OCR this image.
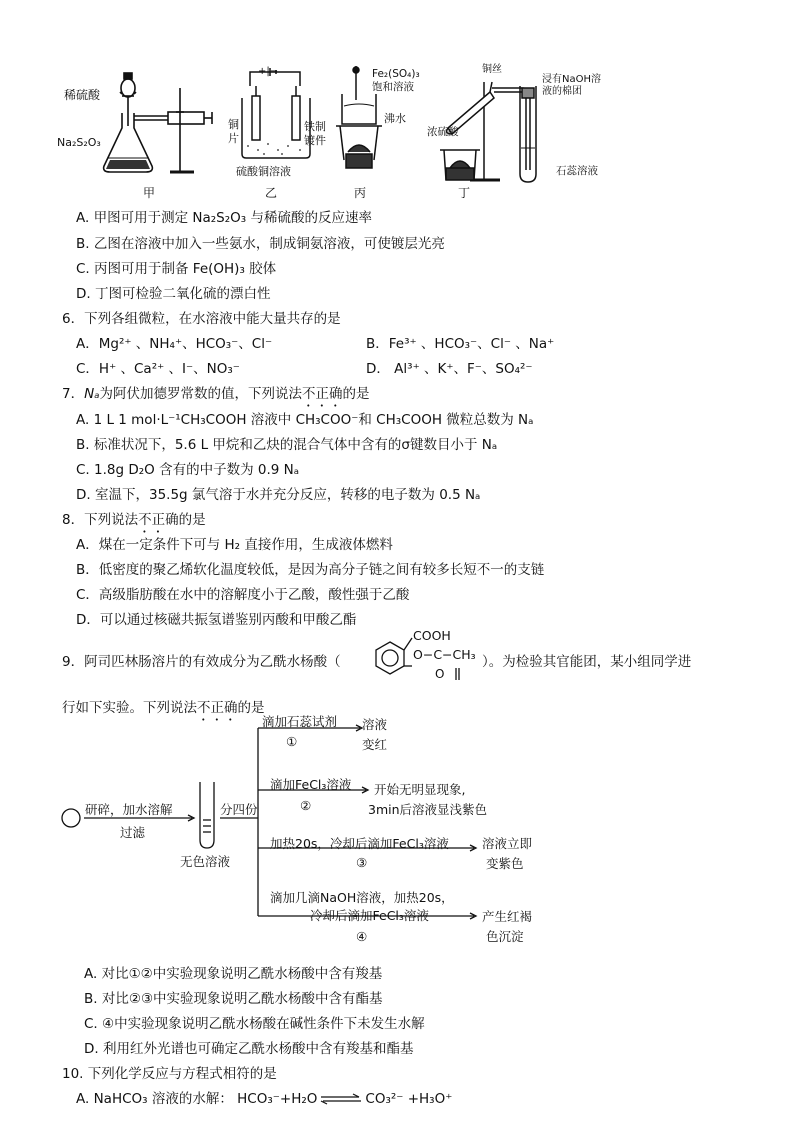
稀硫酸
Na₂S₂O₃
甲
+|−
铜片
铁制镀件
硫酸铜溶液
乙
Fe₂(SO₄)₃饱和溶液
沸水
丙
铜丝
浸有NaOH溶液的棉团
浓硫酸
石蕊溶液
丁
A. 甲图可用于测定 Na₂S₂O₃ 与稀硫酸的反应速率
B. 乙图在溶液中加入一些氨水，制成铜氨溶液，可使镀层光亮
C. 丙图可用于制备 Fe(OH)₃ 胶体
D. 丁图可检验二氧化硫的漂白性
6．下列各组微粒，在水溶液中能大量共存的是
A．Mg²⁺ 、NH₄⁺、HCO₃⁻、Cl⁻	B．Fe³⁺ 、HCO₃⁻、Cl⁻ 、Na⁺
C．H⁺ 、Ca²⁺ 、I⁻、NO₃⁻	D． Al³⁺ 、K⁺、F⁻、SO₄²⁻
7．Nₐ为阿伏加德罗常数的值，下列说法不正确的是
A. 1 L 1 mol·L⁻¹CH₃COOH 溶液中 CH₃COO⁻和 CH₃COOH 微粒总数为 Nₐ
B. 标准状况下，5.6 L 甲烷和乙炔的混合气体中含有的σ键数目小于 Nₐ
C. 1.8g D₂O 含有的中子数为 0.9 Nₐ
D. 室温下，35.5g 氯气溶于水并充分反应，转移的电子数为 0.5 Nₐ
8．下列说法不正确的是
A．煤在一定条件下可与 H₂ 直接作用，生成液体燃料
B．低密度的聚乙烯软化温度较低，是因为高分子链之间有较多长短不一的支链
C．高级脂肪酸在水中的溶解度小于乙酸，酸性强于乙酸
D．可以通过核磁共振氢谱鉴别丙酸和甲酸乙酯
9．阿司匹林肠溶片的有效成分为乙酰水杨酸（
COOH
O−C−CH₃
O
）。为检验其官能团，某小组同学进
行如下实验。下列说法不正确的是
研碎，加水溶解
过滤
无色溶液
分四份
滴加石蕊试剂
①
溶液
变红
滴加FeCl₃溶液
②
开始无明显现象,
3min后溶液显浅紫色
加热20s，冷却后滴加FeCl₃溶液
③
溶液立即
变紫色
滴加几滴NaOH溶液，加热20s，
冷却后滴加FeCl₃溶液
④
产生红褐
色沉淀
A. 对比①②中实验现象说明乙酰水杨酸中含有羧基
B. 对比②③中实验现象说明乙酰水杨酸中含有酯基
C. ④中实验现象说明乙酰水杨酸在碱性条件下未发生水解
D. 利用红外光谱也可确定乙酰水杨酸中含有羧基和酯基
10. 下列化学反应与方程式相符的是
A. NaHCO₃ 溶液的水解： HCO₃⁻+H₂O ⇌ CO₃²⁻ +H₃O⁺
